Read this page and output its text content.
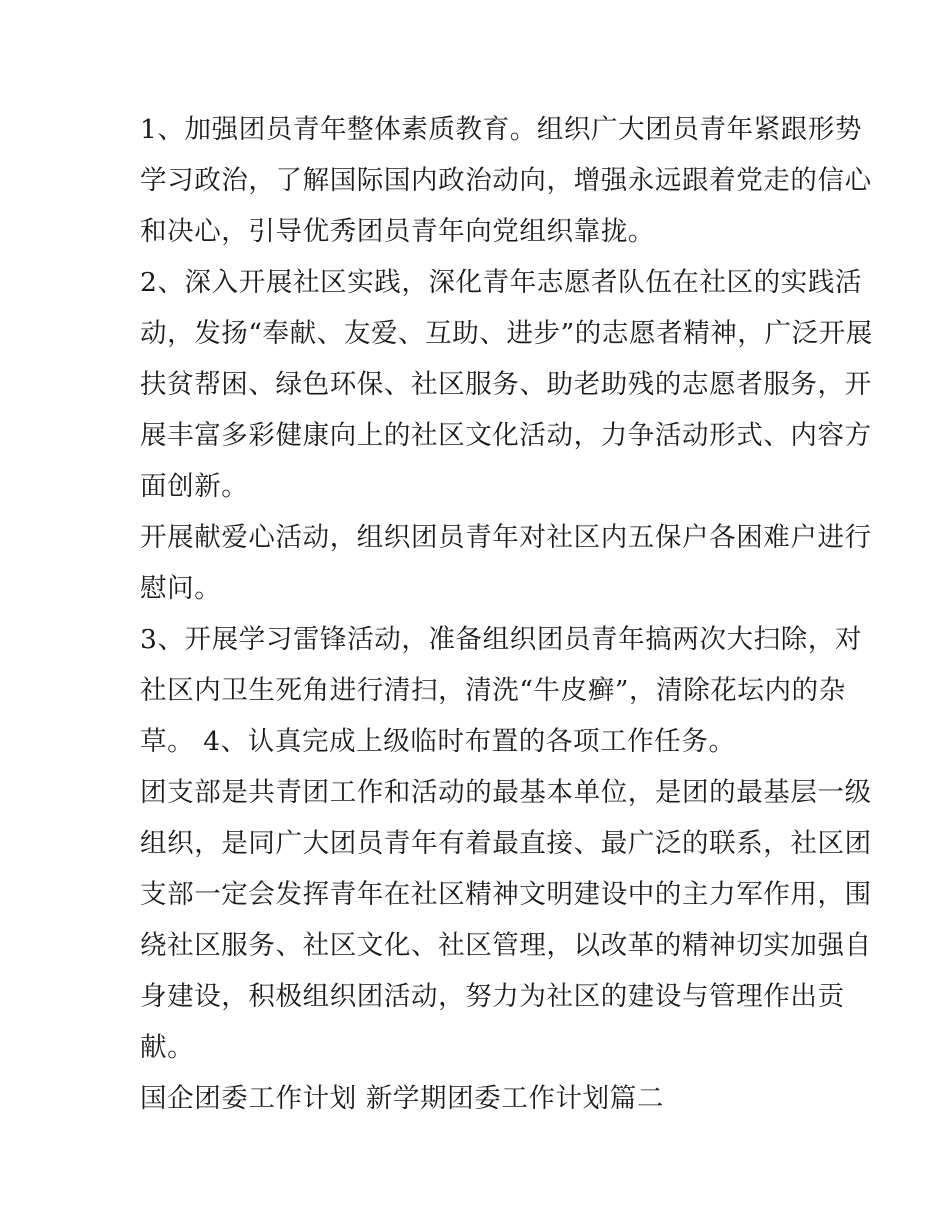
1、加强团员青年整体素质教育。组织广大团员青年紧跟形势
学习政治，了解国际国内政治动向，增强永远跟着党走的信心
和决心，引导优秀团员青年向党组织靠拢。
2、深入开展社区实践，深化青年志愿者队伍在社区的实践活
动，发扬“奉献、友爱、互助、进步”的志愿者精神，广泛开展
扶贫帮困、绿色环保、社区服务、助老助残的志愿者服务，开
展丰富多彩健康向上的社区文化活动，力争活动形式、内容方
面创新。
开展献爱心活动，组织团员青年对社区内五保户各困难户进行
慰问。
3、开展学习雷锋活动，准备组织团员青年搞两次大扫除，对
社区内卫生死角进行清扫，清洗“牛皮癣”，清除花坛内的杂
草。 4、认真完成上级临时布置的各项工作任务。
团支部是共青团工作和活动的最基本单位，是团的最基层一级
组织，是同广大团员青年有着最直接、最广泛的联系，社区团
支部一定会发挥青年在社区精神文明建设中的主力军作用，围
绕社区服务、社区文化、社区管理，以改革的精神切实加强自
身建设，积极组织团活动，努力为社区的建设与管理作出贡
献。
国企团委工作计划 新学期团委工作计划篇二
